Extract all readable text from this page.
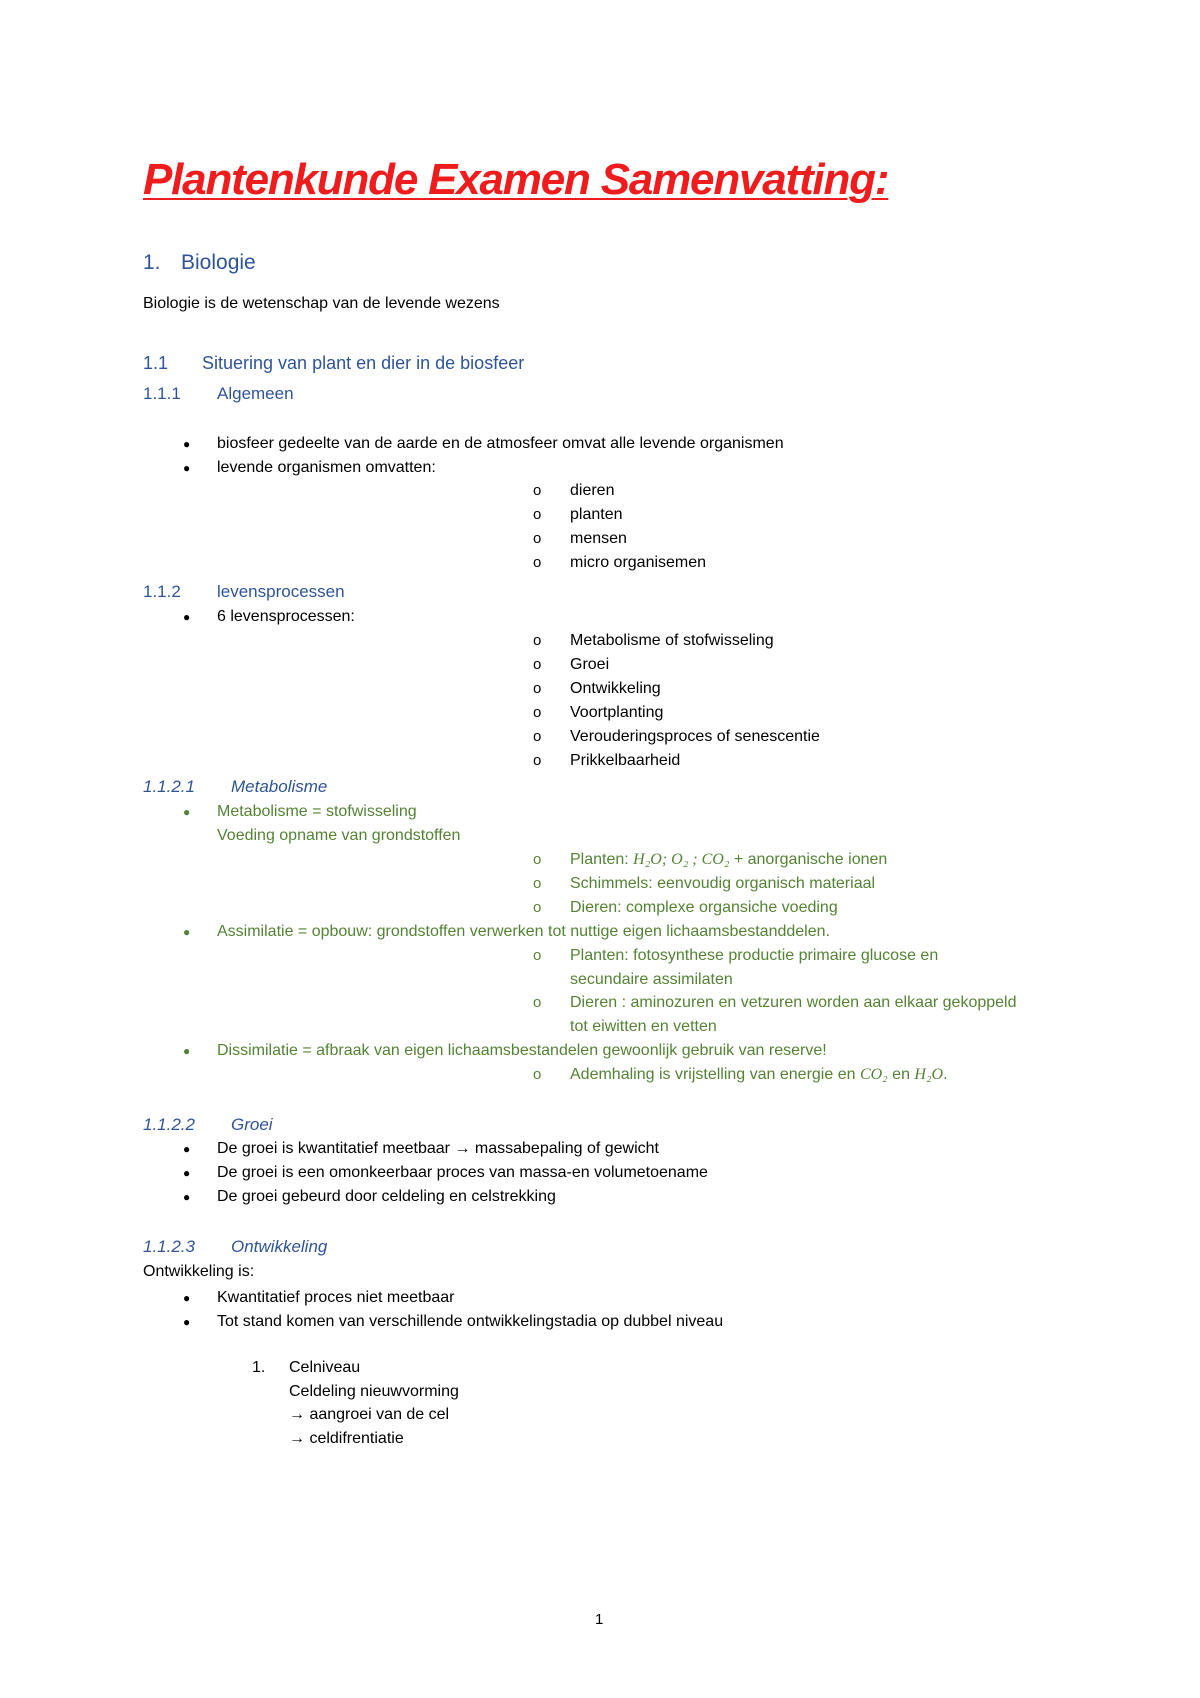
Plantenkunde Examen Samenvatting:
1. Biologie
Biologie is de wetenschap van de levende wezens
1.1 Situering van plant en dier in de biosfeer
1.1.1 Algemeen
● biosfeer gedeelte van de aarde en de atmosfeer omvat alle levende organismen
● levende organismen omvatten:
o dieren
o planten
o mensen
o micro organisemen
1.1.2 levensprocessen
● 6 levensprocessen:
o Metabolisme of stofwisseling
o Groei
o Ontwikkeling
o Voortplanting
o Verouderingsproces of senescentie
o Prikkelbaarheid
1.1.2.1 Metabolisme
● Metabolisme = stofwisseling
Voeding opname van grondstoffen
o Planten: H₂O; O₂ ; CO₂ + anorganische ionen
o Schimmels: eenvoudig organisch materiaal
o Dieren: complexe organsiche voeding
● Assimilatie = opbouw: grondstoffen verwerken tot nuttige eigen lichaamsbestanddelen.
o Planten: fotosynthese productie primaire glucose en
secundaire assimilaten
o Dieren : aminozuren en vetzuren worden aan elkaar gekoppeld
tot eiwitten en vetten
● Dissimilatie = afbraak van eigen lichaamsbestandelen gewoonlijk gebruik van reserve!
o Ademhaling is vrijstelling van energie en CO₂ en H₂O.
1.1.2.2 Groei
● De groei is kwantitatief meetbaar → massabepaling of gewicht
● De groei is een omonkeerbaar proces van massa-en volumetoename
● De groei gebeurd door celdeling en celstrekking
1.1.2.3 Ontwikkeling
Ontwikkeling is:
● Kwantitatief proces niet meetbaar
● Tot stand komen van verschillende ontwikkelingstadia op dubbel niveau
1. Celniveau
Celdeling nieuwvorming
→ aangroei van de cel
→ celdifrentiatie
1
